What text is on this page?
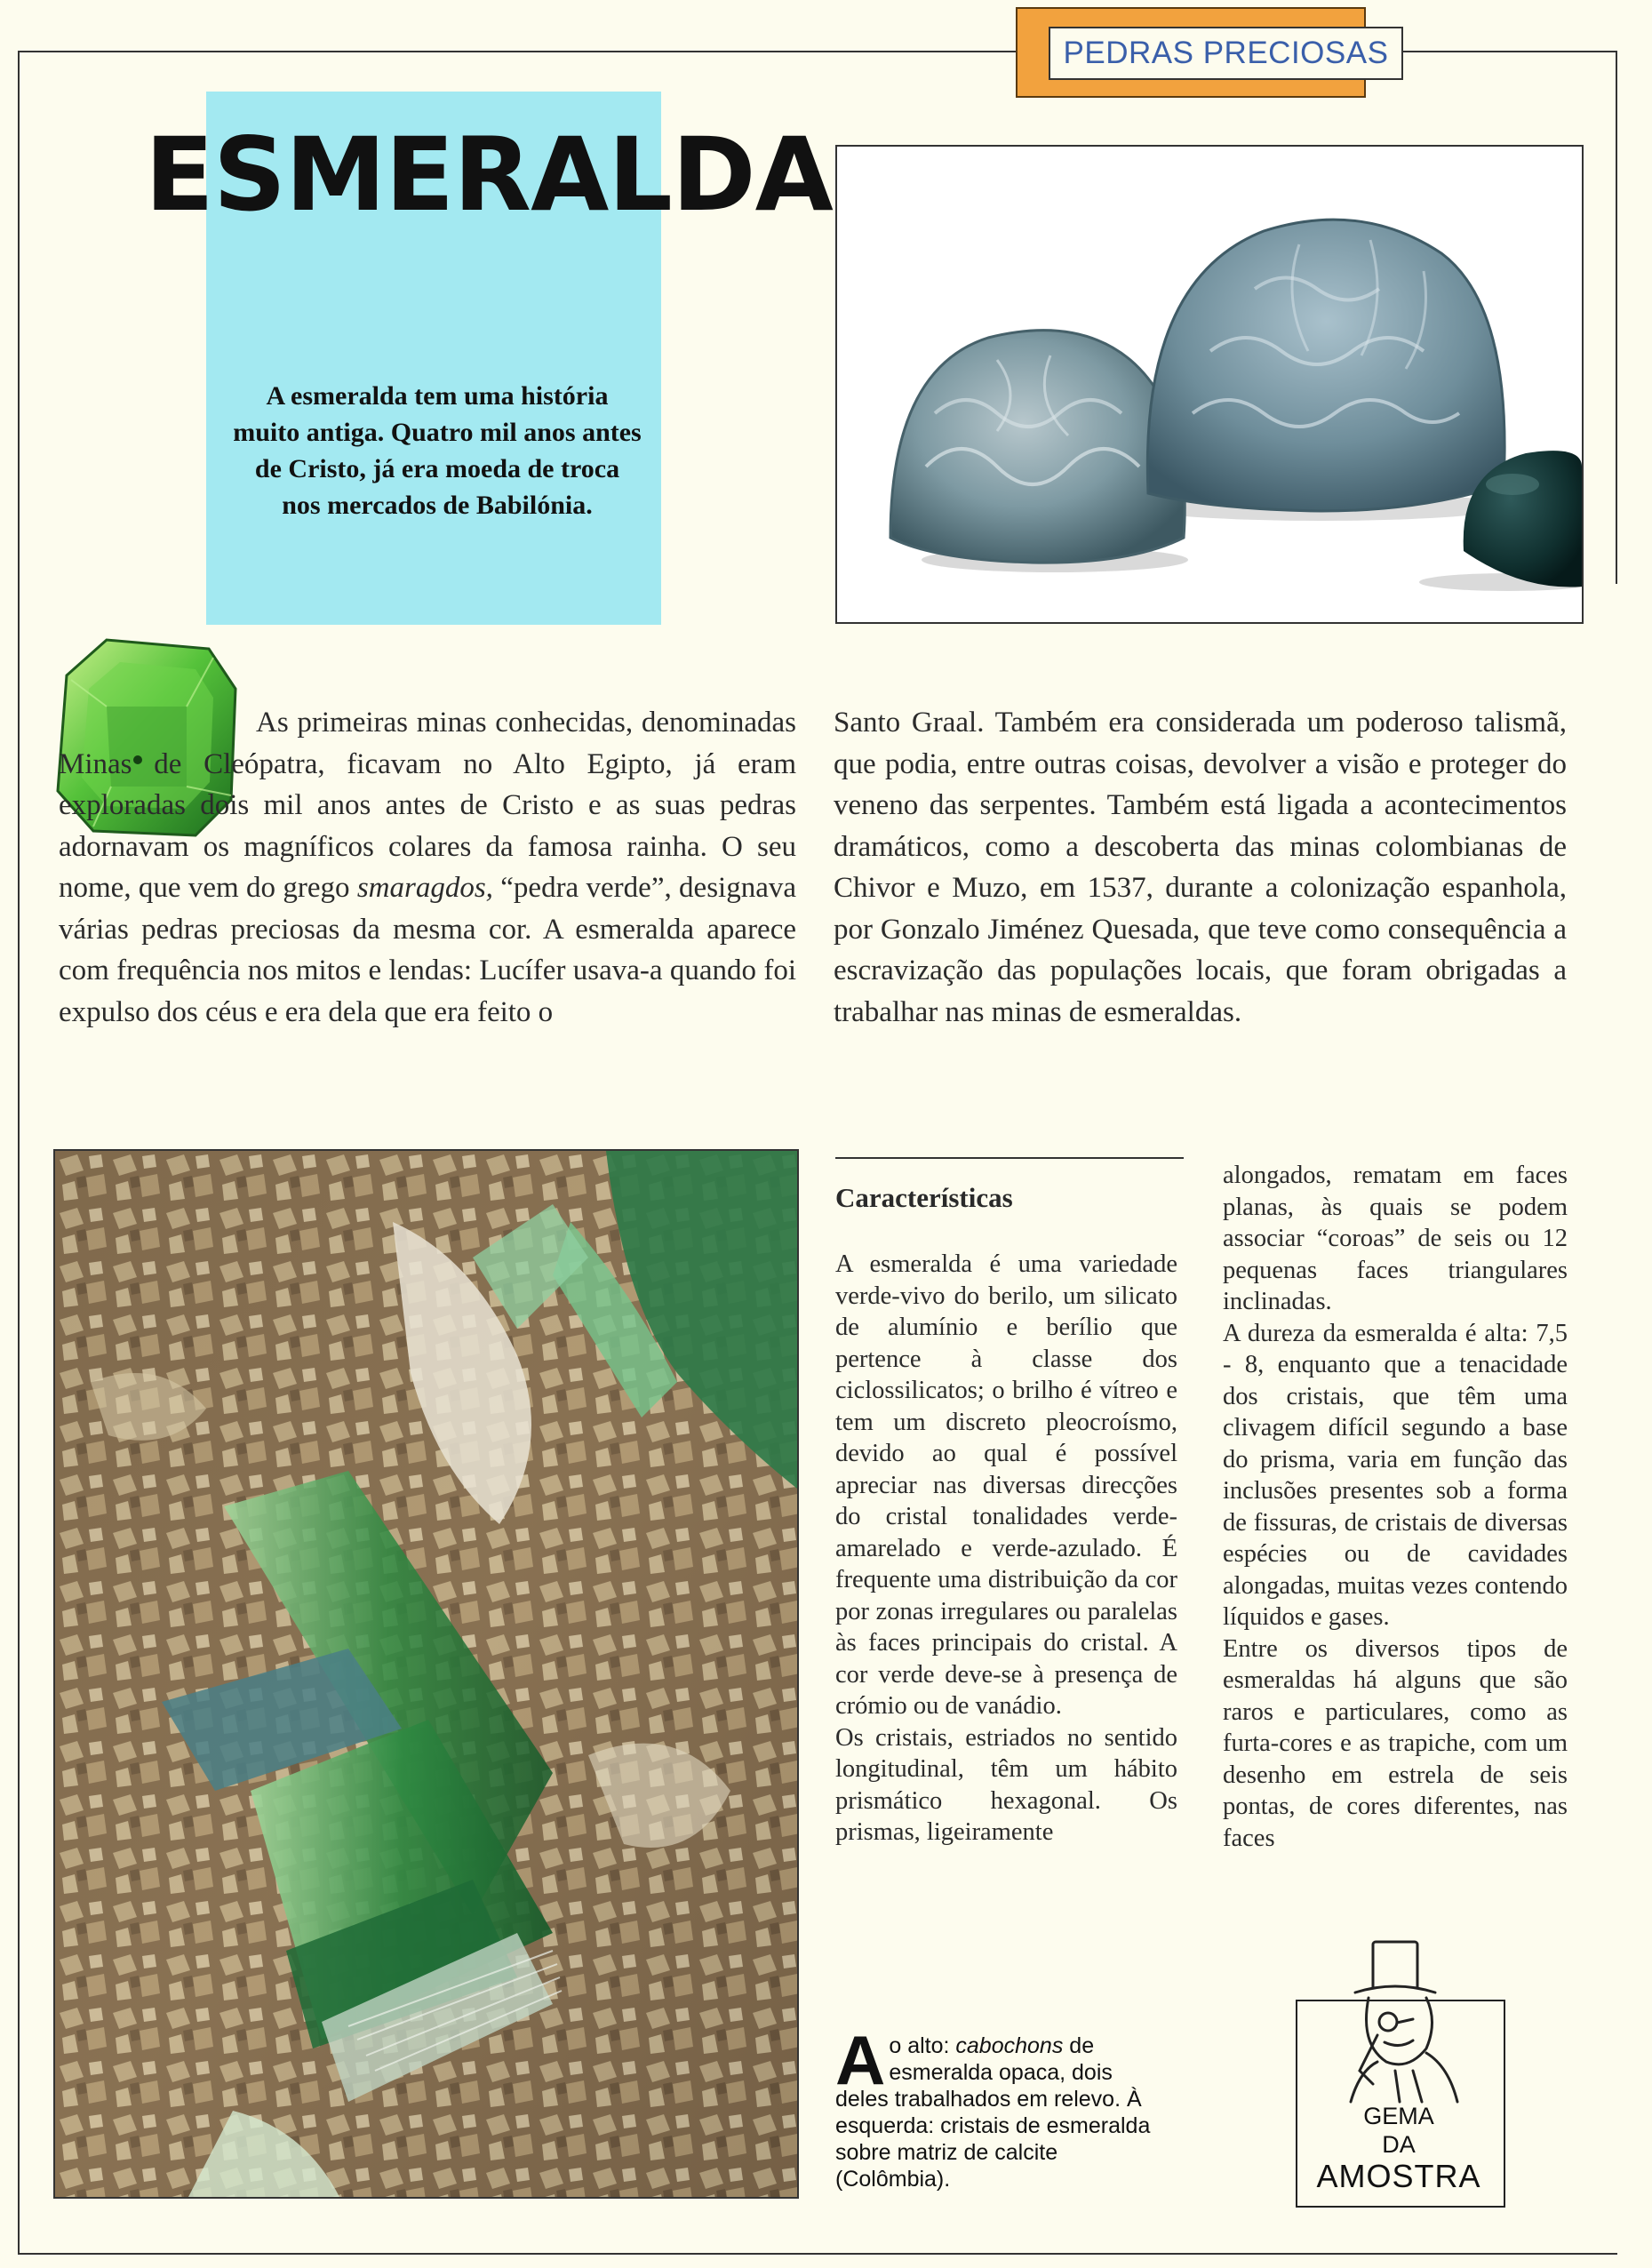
PEDRAS PRECIOSAS
ESMERALDA

A esmeralda tem uma história muito antiga. Quatro mil anos antes de Cristo, já era moeda de troca nos mercados de Babilónia.

As primeiras minas conhecidas, denominadas Minas de Cleópatra, ficavam no Alto Egipto, já eram exploradas dois mil anos antes de Cristo e as suas pedras adornavam os magníficos colares da famosa rainha. O seu nome, que vem do grego smaragdos, “pedra verde”, designava várias pedras preciosas da mesma cor. A esmeralda aparece com frequência nos mitos e lendas: Lucífer usava-a quando foi expulso dos céus e era dela que era feito o

Santo Graal. Também era considerada um poderoso talismã, que podia, entre outras coisas, devolver a visão e proteger do veneno das serpentes. Também está ligada a acontecimentos dramáticos, como a descoberta das minas colombianas de Chivor e Muzo, em 1537, durante a colonização espanhola, por Gonzalo Jiménez Quesada, que teve como consequência a escravização das populações locais, que foram obrigadas a trabalhar nas minas de esmeraldas.

Características

A esmeralda é uma variedade verde-vivo do berilo, um silicato de alumínio e berílio que pertence à classe dos ciclossilicatos; o brilho é vítreo e tem um discreto pleocroísmo, devido ao qual é possível apreciar nas diversas direcções do cristal tonalidades verde-amarelado e verde-azulado. É frequente uma distribuição da cor por zonas irregulares ou paralelas às faces principais do cristal. A cor verde deve-se à presença de crómio ou de vanádio.

Os cristais, estriados no sentido longitudinal, têm um hábito prismático hexagonal. Os prismas, ligeiramente

alongados, rematam em faces planas, às quais se podem associar “coroas” de seis ou 12 pequenas faces triangulares inclinadas.

A dureza da esmeralda é alta: 7,5 - 8, enquanto que a tenacidade dos cristais, que têm uma clivagem difícil segundo a base do prisma, varia em função das inclusões presentes sob a forma de fissuras, de cristais de diversas espécies ou de cavidades alongadas, muitas vezes contendo líquidos e gases.

Entre os diversos tipos de esmeraldas há alguns que são raros e particulares, como as furta-cores e as trapiche, com um desenho em estrela de seis pontas, de cores diferentes, nas faces

Ao alto: cabochons de esmeralda opaca, dois deles trabalhados em relevo. À esquerda: cristais de esmeralda sobre matriz de calcite (Colômbia).

GEMA
DA
AMOSTRA
